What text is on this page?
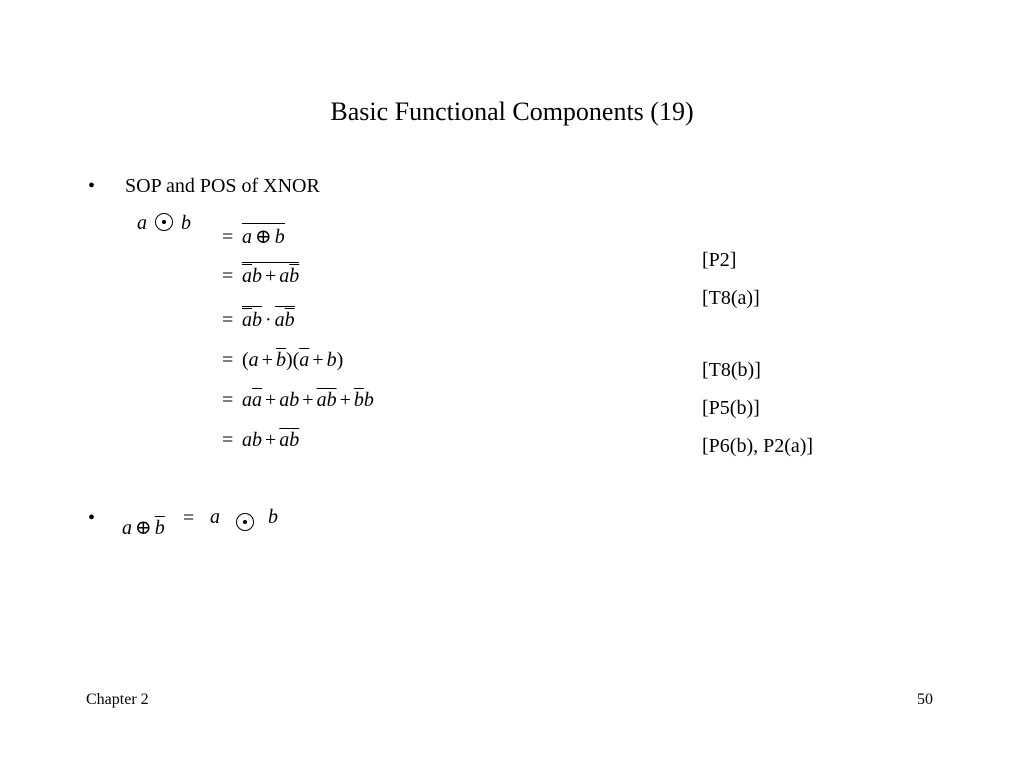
Basic Functional Components (19)
• SOP and POS of XNOR
a b
= a ⊕ b
= $\overline{a}b + a\overline{b}$
= $\overline{a}b \cdot a\overline{b}$
= $(a + \overline{b})(\overline{a} + b)$
= $a\overline{a}$ + ab + $\overline{a}\overline{b} + \overline{b}b$
= ab + $\overline{a}\overline{b}$
[P2]
[T8(a)]
[T8(b)]
[P5(b)]
[P6(b), P2(a)]
• a ⊕ $\overline{b} = a$ b
Chapter 2	50
